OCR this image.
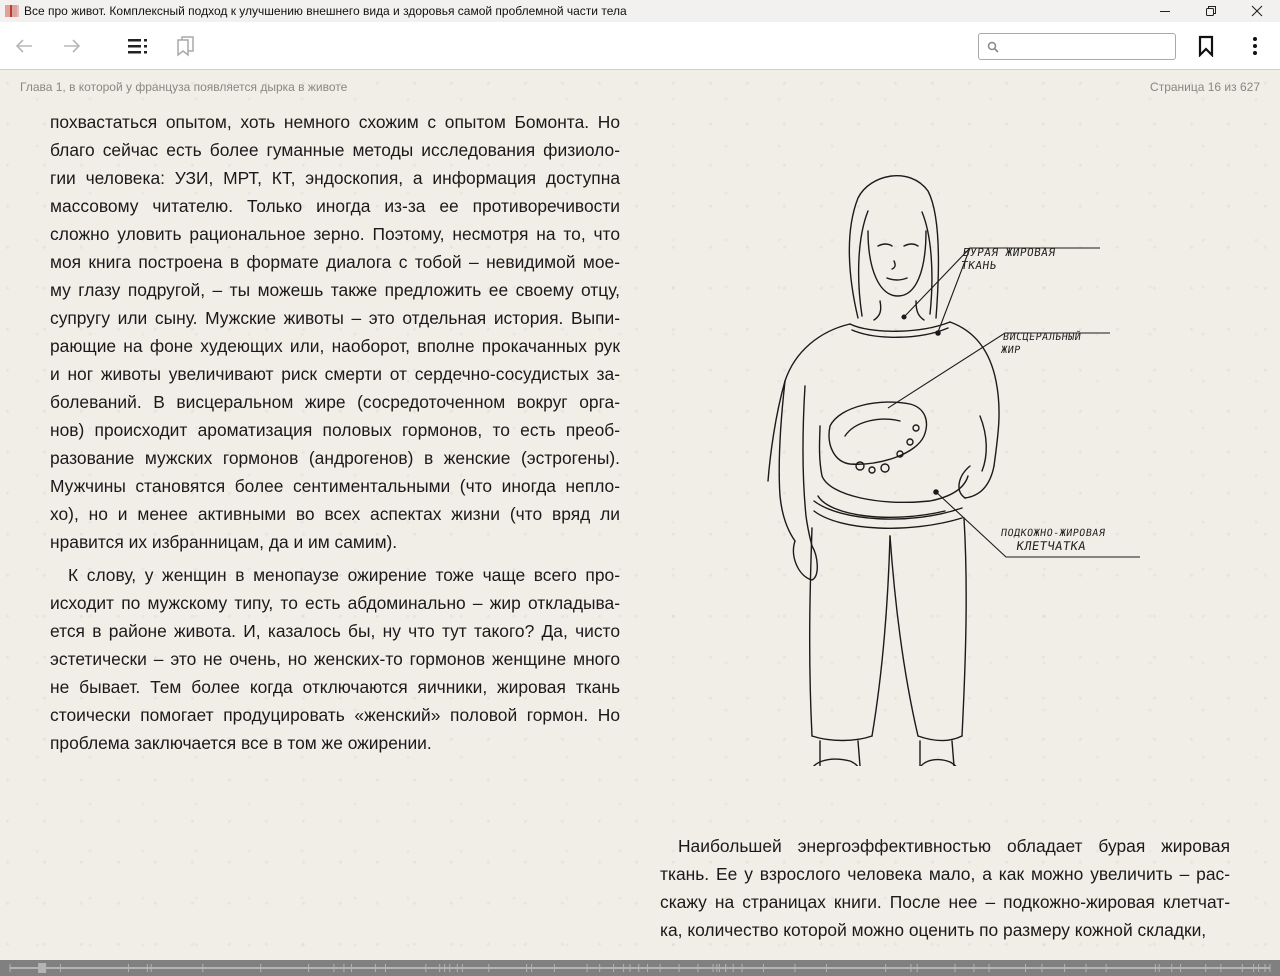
Все про живот. Комплексный подход к улучшению внешнего вида и здоровья самой проблемной части тела
Глава 1, в которой у француза появляется дырка в животе	Страница 16 из 627
похвастаться опытом, хоть немного схожим с опытом Бомонта. Но
благо сейчас есть более гуманные методы исследования физиоло-
гии человека: УЗИ, МРТ, КТ, эндоскопия, а информация доступна
массовому читателю. Только иногда из-за ее противоречивости
сложно уловить рациональное зерно. Поэтому, несмотря на то, что
моя книга построена в формате диалога с тобой – невидимой мое-
му глазу подругой, – ты можешь также предложить ее своему отцу,
супругу или сыну. Мужские животы – это отдельная история. Выпи-
рающие на фоне худеющих или, наоборот, вполне прокачанных рук
и ног животы увеличивают риск смерти от сердечно-сосудистых за-
болеваний. В висцеральном жире (сосредоточенном вокруг орга-
нов) происходит ароматизация половых гормонов, то есть преоб-
разование мужских гормонов (андрогенов) в женские (эстрогены).
Мужчины становятся более сентиментальными (что иногда непло-
хо), но и менее активными во всех аспектах жизни (что вряд ли
нравится их избранницам, да и им самим).
К слову, у женщин в менопаузе ожирение тоже чаще всего про-
исходит по мужскому типу, то есть абдоминально – жир откладыва-
ется в районе живота. И, казалось бы, ну что тут такого? Да, чисто
эстетически – это не очень, но женских-то гормонов женщине много
не бывает. Тем более когда отключаются яичники, жировая ткань
стоически помогает продуцировать «женский» половой гормон. Но
проблема заключается все в том же ожирении.
БУРАЯ ЖИРОВАЯ
ТКАНЬ
ВИСЦЕРАЛЬНЫЙ
ЖИР
ПОДКОЖНО-ЖИРОВАЯ
КЛЕТЧАТКА
Наибольшей энергоэффективностью обладает бурая жировая
ткань. Ее у взрослого человека мало, а как можно увеличить – рас-
скажу на страницах книги. После нее – подкожно-жировая клетчат-
ка, количество которой можно оценить по размеру кожной складки,
